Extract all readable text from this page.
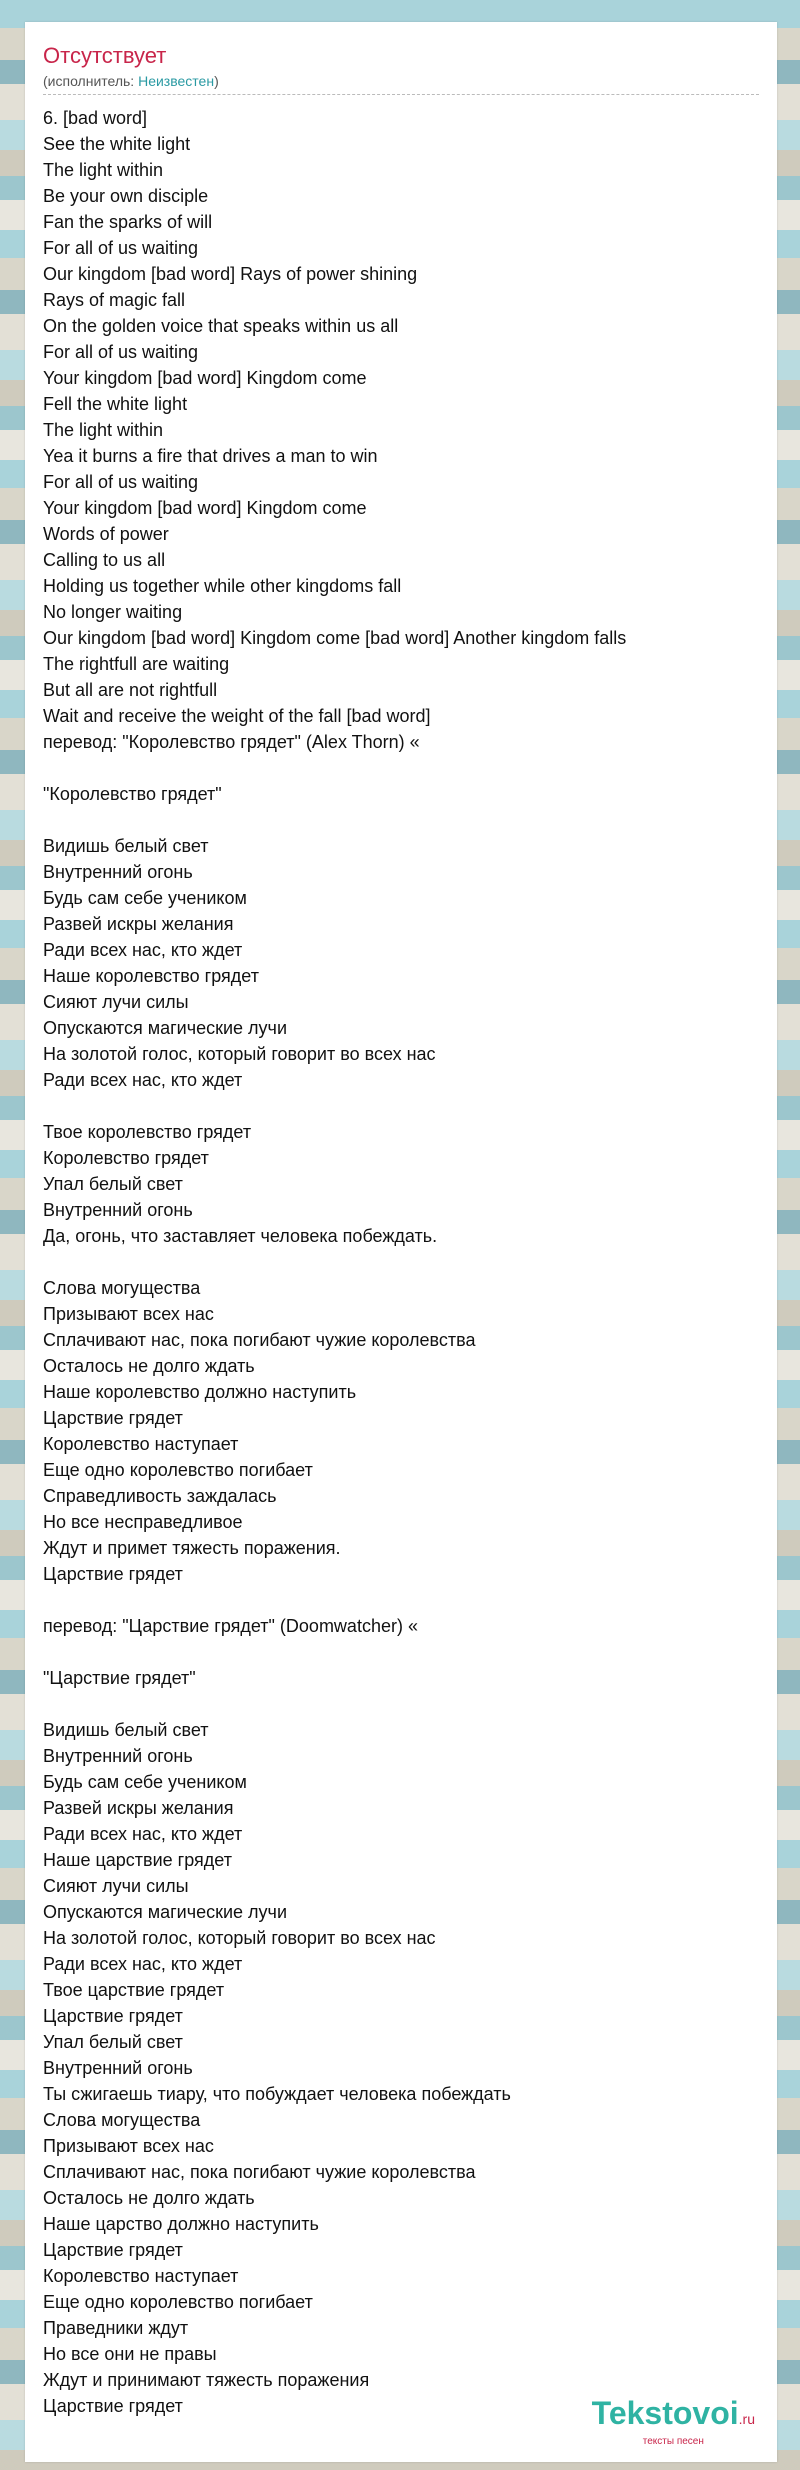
Отсутствует
(исполнитель: Неизвестен)
6. [bad word]
See the white light
The light within
Be your own disciple
Fan the sparks of will
For all of us waiting
Our kingdom [bad word] Rays of power shining
Rays of magic fall
On the golden voice that speaks within us all
For all of us waiting
Your kingdom [bad word] Kingdom come
Fell the white light
The light within
Yea it burns a fire that drives a man to win
For all of us waiting
Your kingdom [bad word] Kingdom come
Words of power
Calling to us all
Holding us together while other kingdoms fall
No longer waiting
Our kingdom [bad word] Kingdom come [bad word] Another kingdom falls
The rightfull are waiting
But all are not rightfull
Wait and receive the weight of the fall [bad word]
перевод: "Королевство грядет" (Alex Thorn) «
"Королевство грядет"
Видишь белый свет
Внутренний огонь
Будь сам себе учеником
Развей искры желания
Ради всех нас, кто ждет
Наше королевство грядет
Сияют лучи силы
Опускаются магические лучи
На золотой голос, который говорит во всех нас
Ради всех нас, кто ждет
Твое королевство грядет
Королевство грядет
Упал белый свет
Внутренний огонь
Да, огонь, что заставляет человека побеждать.
Слова могущества
Призывают всех нас
Сплачивают нас, пока погибают чужие королевства
Осталось не долго ждать
Наше королевство должно наступить
Царствие грядет
Королевство наступает
Еще одно королевство погибает
Справедливость заждалась
Но все несправедливое
Ждут и примет тяжесть поражения.
Царствие грядет
перевод: "Царствие грядет" (Doomwatcher) «
"Царствие грядет"
Видишь белый свет
Внутренний огонь
Будь сам себе учеником
Развей искры желания
Ради всех нас, кто ждет
Наше царствие грядет
Сияют лучи силы
Опускаются магические лучи
На золотой голос, который говорит во всех нас
Ради всех нас, кто ждет
Твое царствие грядет
Царствие грядет
Упал белый свет
Внутренний огонь
Ты сжигаешь тиару, что побуждает человека побеждать
Слова могущества
Призывают всех нас
Сплачивают нас, пока погибают чужие королевства
Осталось не долго ждать
Наше царство должно наступить
Царствие грядет
Королевство наступает
Еще одно королевство погибает
Праведники ждут
Но все они не правы
Ждут и принимают тяжесть поражения
Царствие грядет	Tekstovoi.ru
тексты песен
